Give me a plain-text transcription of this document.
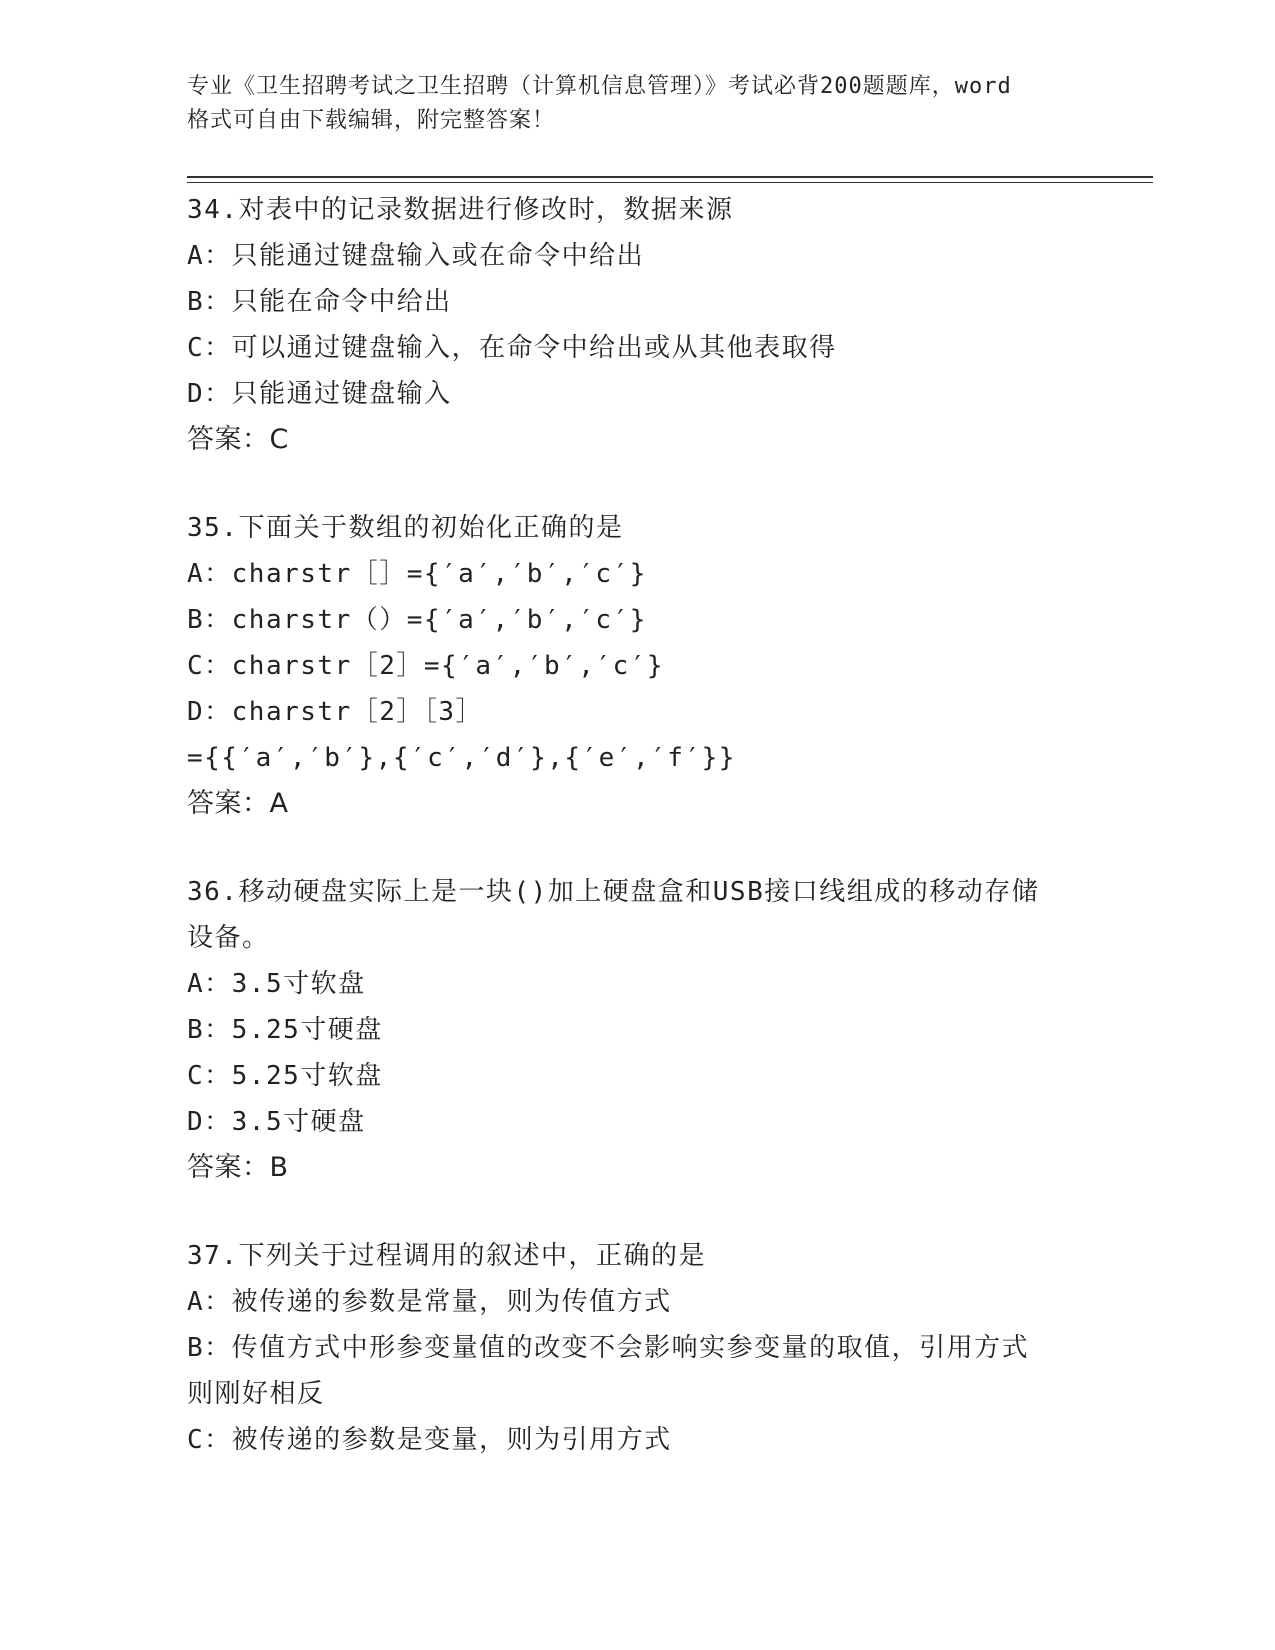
专业《卫生招聘考试之卫生招聘（计算机信息管理）》考试必背200题题库，word
格式可自由下载编辑，附完整答案！
34.对表中的记录数据进行修改时，数据来源
A：只能通过键盘输入或在命令中给出
B：只能在命令中给出
C：可以通过键盘输入，在命令中给出或从其他表取得
D：只能通过键盘输入
答案：C
35.下面关于数组的初始化正确的是
A：charstr［］={′a′,′b′,′c′}
B：charstr（）={′a′,′b′,′c′}
C：charstr［2］={′a′,′b′,′c′}
D：charstr［2］［3］
={{′a′,′b′},{′c′,′d′},{′e′,′f′}}
答案：A
36.移动硬盘实际上是一块()加上硬盘盒和USB接口线组成的移动存储
设备。
A：3.5寸软盘
B：5.25寸硬盘
C：5.25寸软盘
D：3.5寸硬盘
答案：B
37.下列关于过程调用的叙述中，正确的是
A：被传递的参数是常量，则为传值方式
B：传值方式中形参变量值的改变不会影响实参变量的取值，引用方式
则刚好相反
C：被传递的参数是变量，则为引用方式
